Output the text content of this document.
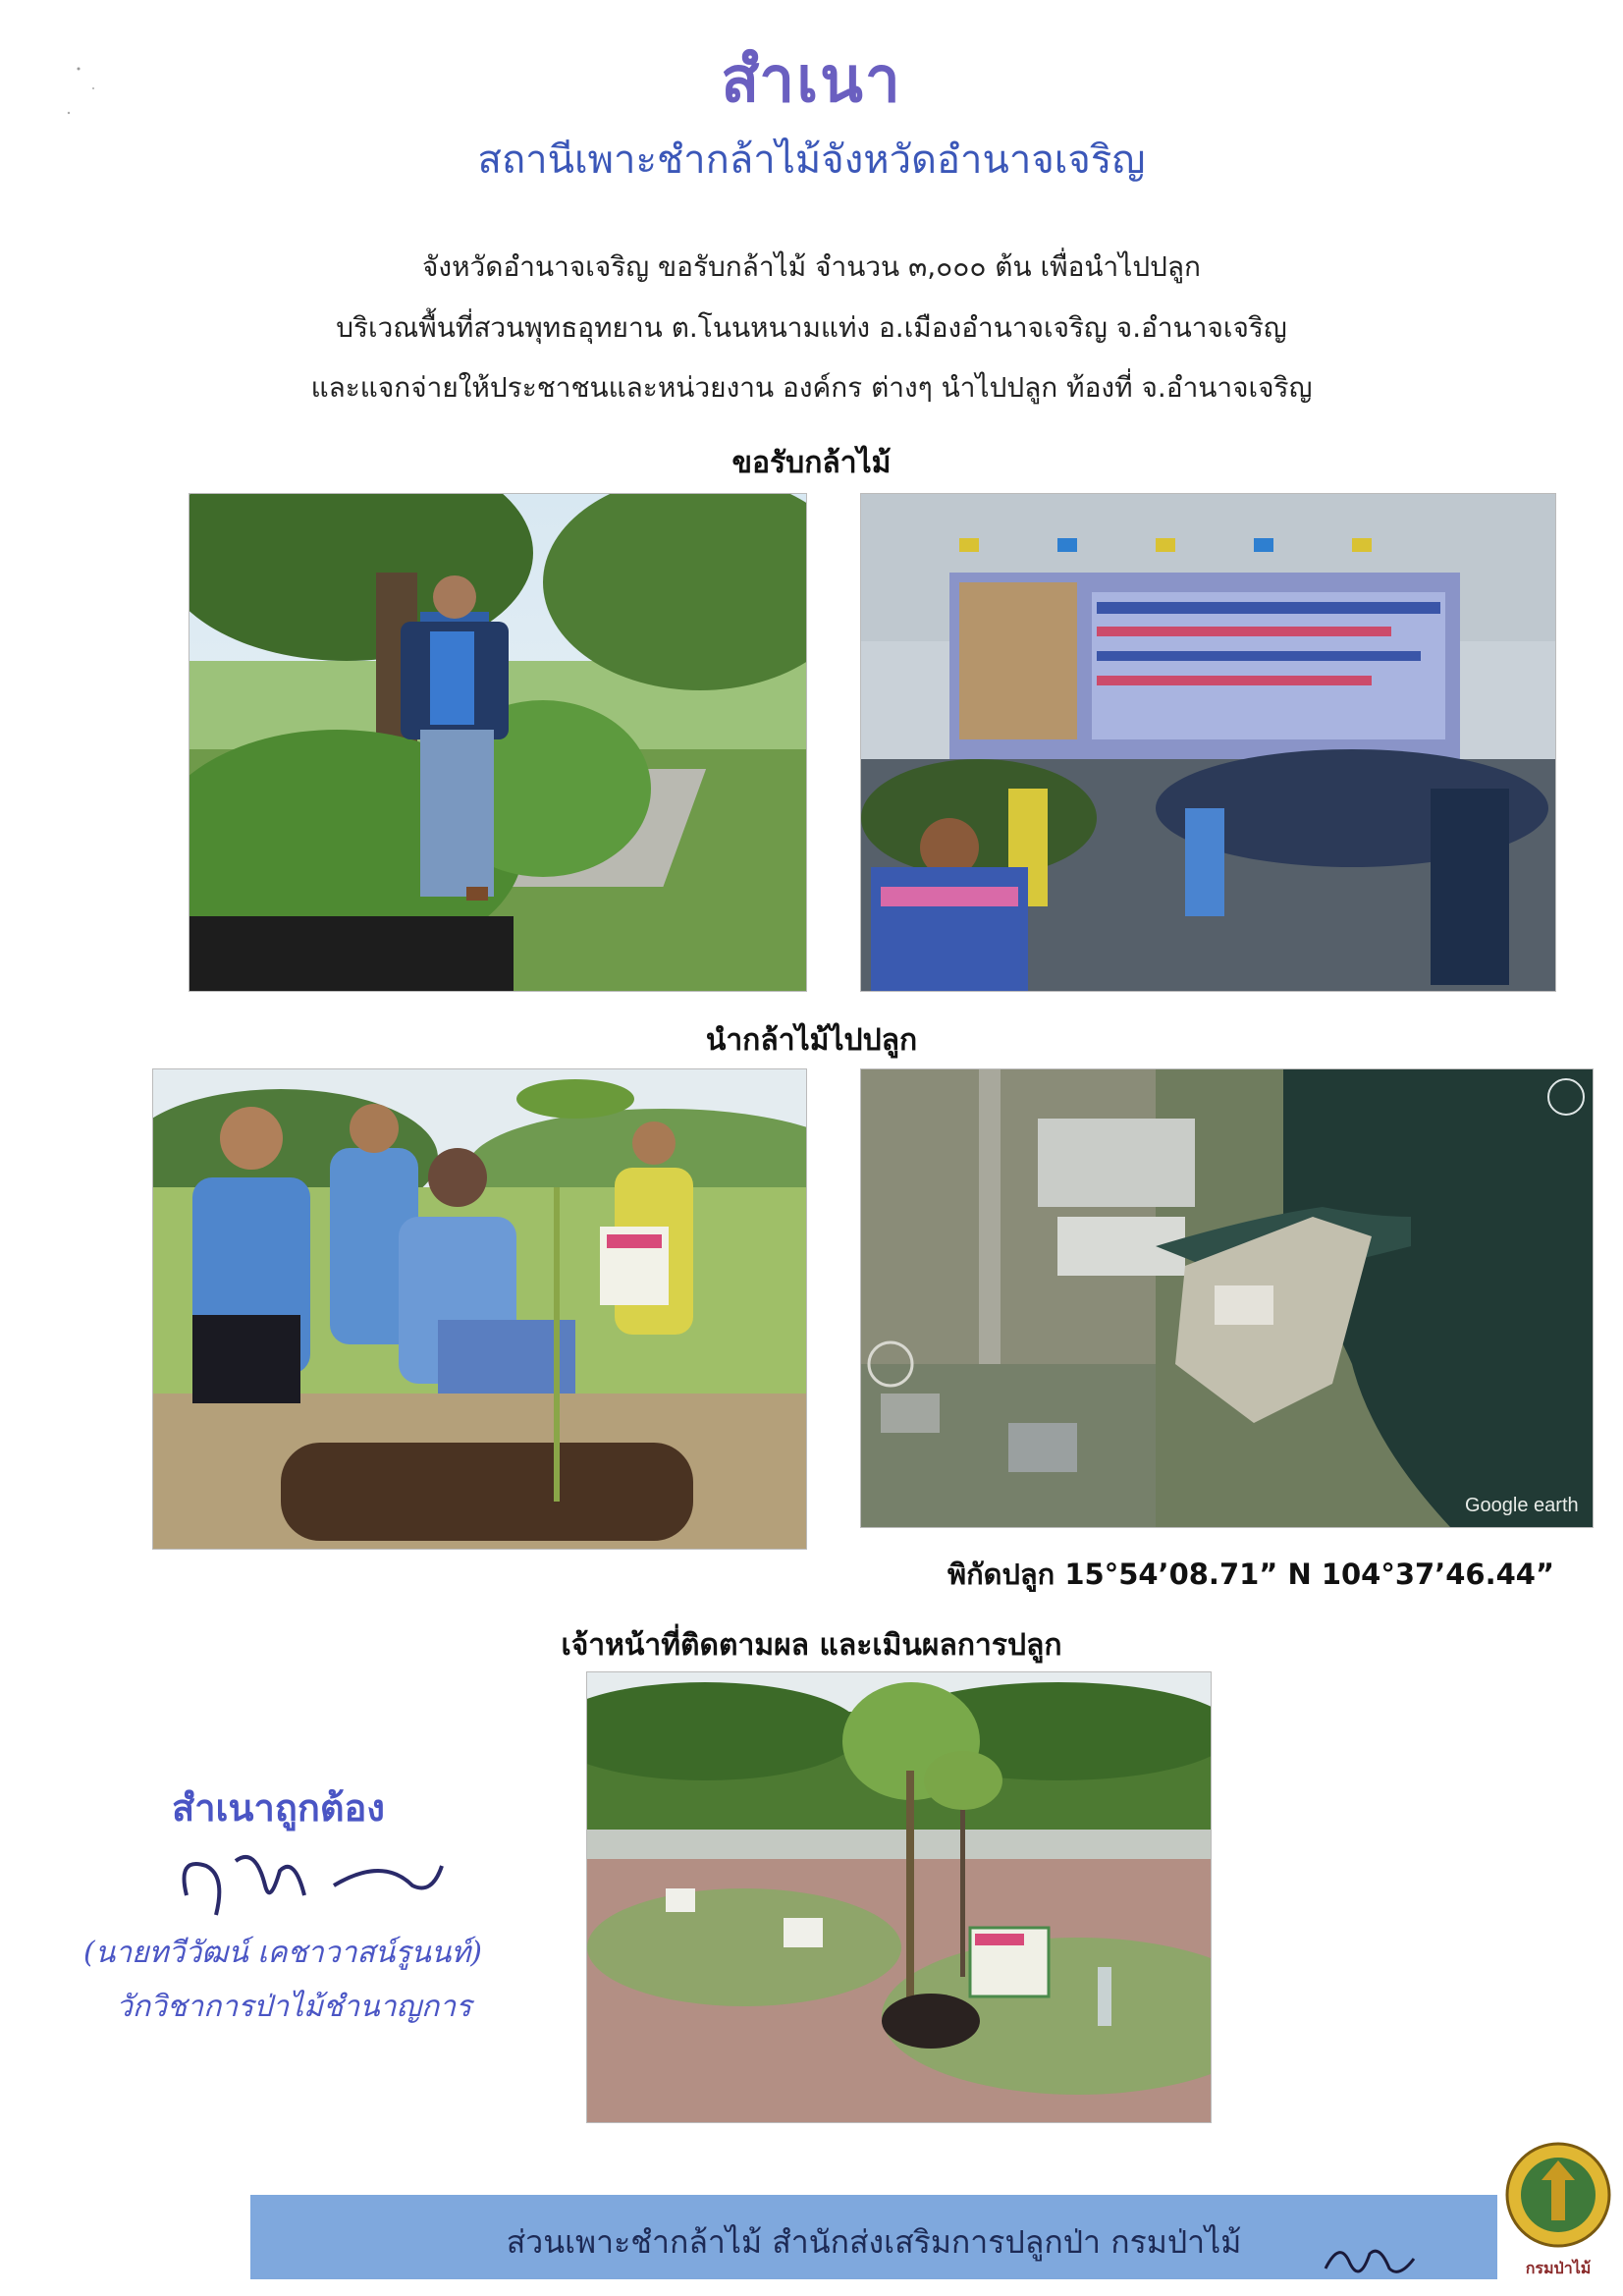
สำเนา
สถานีเพาะชำกล้าไม้จังหวัดอำนาจเจริญ
จังหวัดอำนาจเจริญ ขอรับกล้าไม้ จำนวน ๓,๐๐๐ ต้น เพื่อนำไปปลูก
บริเวณพื้นที่สวนพุทธอุทยาน ต.โนนหนามแท่ง อ.เมืองอำนาจเจริญ จ.อำนาจเจริญ
และแจกจ่ายให้ประชาชนและหน่วยงาน องค์กร ต่างๆ นำไปปลูก ท้องที่ จ.อำนาจเจริญ
ขอรับกล้าไม้
นำกล้าไม้ไปปลูก
Google earth
พิกัดปลูก 15°54’08.71” N 104°37’46.44”
เจ้าหน้าที่ติดตามผล และเมินผลการปลูก
สำเนาถูกต้อง
(นายทวีวัฒน์ เคชาวาสน์รูนนท์)
วักวิชาการป่าไม้ชำนาญการ
ส่วนเพาะชำกล้าไม้ สำนักส่งเสริมการปลูกป่า กรมป่าไม้
กรมป่าไม้
